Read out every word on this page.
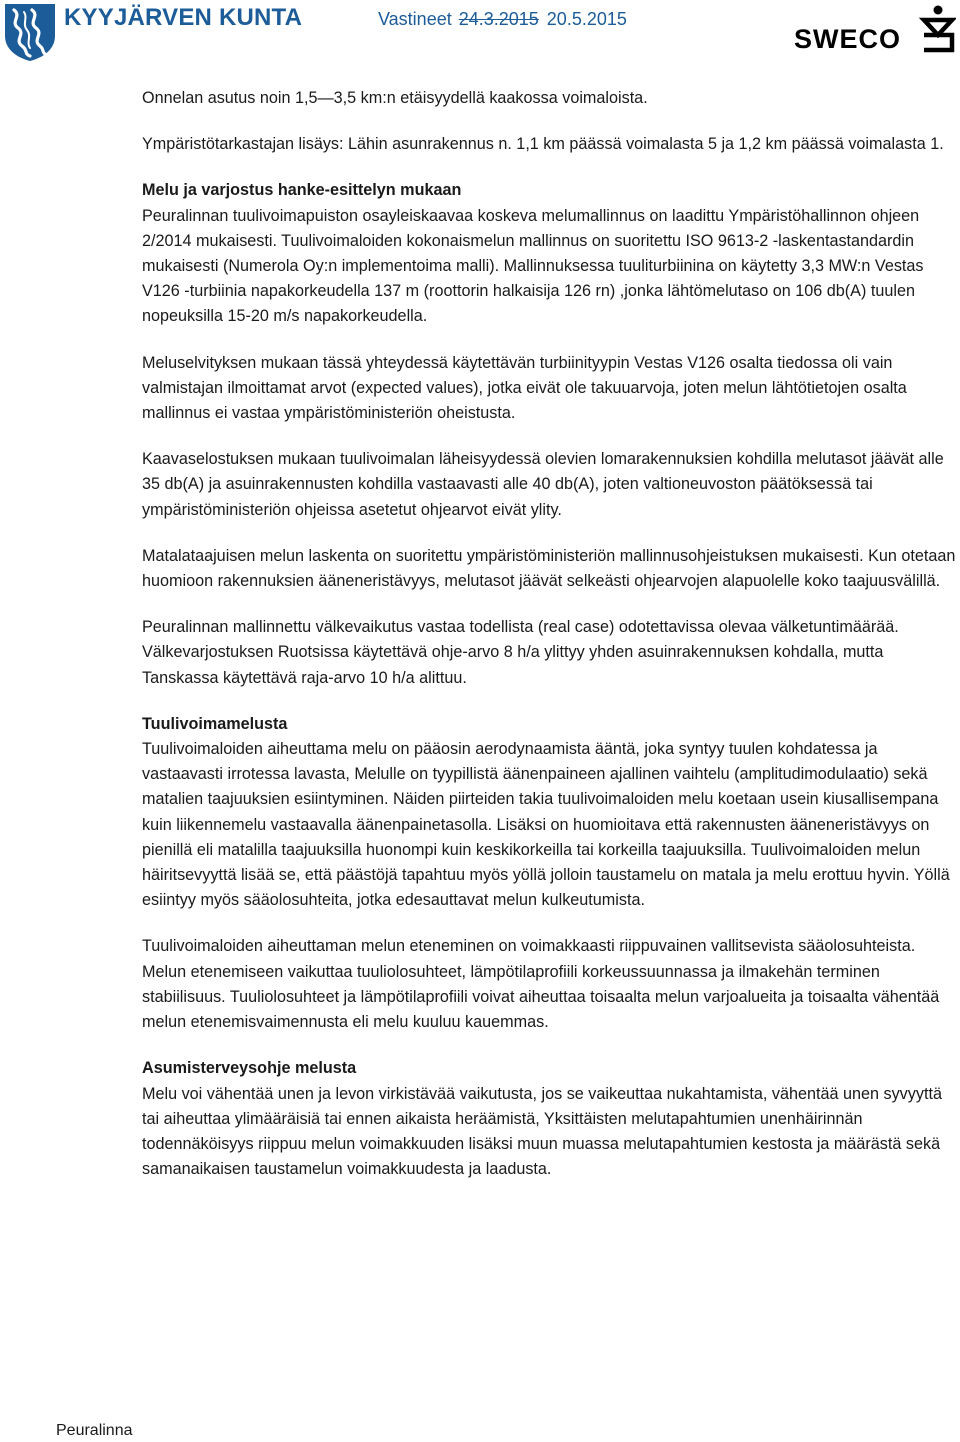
KYYJÄRVEN KUNTA	Vastineet 24.3.2015 20.5.2015
SWECO

Onnelan asutus noin 1,5—3,5 km:n etäisyydellä kaakossa voimaloista.

Ympäristötarkastajan lisäys: Lähin asunrakennus n. 1,1 km päässä voimalasta 5 ja 1,2 km päässä voimalasta 1.

Melu ja varjostus hanke-esittelyn mukaan
Peuralinnan tuulivoimapuiston osayleiskaavaa koskeva melumallinnus on laadittu Ympäristöhallinnon ohjeen 2/2014 mukaisesti. Tuulivoimaloiden kokonaismelun mallinnus on suoritettu ISO 9613-2 -laskentastandardin mukaisesti (Numerola Oy:n implementoima malli). Mallinnuksessa tuuliturbiinina on käytetty 3,3 MW:n Vestas V126 -turbiinia napakorkeudella 137 m (roottorin halkaisija 126 rn) ,jonka lähtömelutaso on 106 db(A) tuulen nopeuksilla 15-20 m/s napakorkeudella.

Meluselvityksen mukaan tässä yhteydessä käytettävän turbiinityypin Vestas V126 osalta tiedossa oli vain valmistajan ilmoittamat arvot (expected values), jotka eivät ole takuuarvoja, joten melun lähtötietojen osalta mallinnus ei vastaa ympäristöministeriön oheistusta.

Kaavaselostuksen mukaan tuulivoimalan läheisyydessä olevien lomarakennuksien kohdilla melutasot jäävät alle 35 db(A) ja asuinrakennusten kohdilla vastaavasti alle 40 db(A), joten valtioneuvoston päätöksessä tai ympäristöministeriön ohjeissa asetetut ohjearvot eivät ylity.

Matalataajuisen melun laskenta on suoritettu ympäristöministeriön mallinnusohjeistuksen mukaisesti. Kun otetaan huomioon rakennuksien ääneneristävyys, melutasot jäävät selkeästi ohjearvojen alapuolelle koko taajuusvälillä.

Peuralinnan mallinnettu välkevaikutus vastaa todellista (real case) odotettavissa olevaa välketuntimäärää. Välkevarjostuksen Ruotsissa käytettävä ohje-arvo 8 h/a ylittyy yhden asuinrakennuksen kohdalla, mutta Tanskassa käytettävä raja-arvo 10 h/a alittuu.

Tuulivoimamelusta
Tuulivoimaloiden aiheuttama melu on pääosin aerodynaamista ääntä, joka syntyy tuulen kohdatessa ja vastaavasti irrotessa lavasta, Melulle on tyypillistä äänenpaineen ajallinen vaihtelu (amplitudimodulaatio) sekä matalien taajuuksien esiintyminen. Näiden piirteiden takia tuulivoimaloiden melu koetaan usein kiusallisempana kuin liikennemelu vastaavalla äänenpainetasolla. Lisäksi on huomioitava että rakennusten ääneneristävyys on pienillä eli matalilla taajuuksilla huonompi kuin keskikorkeilla tai korkeilla taajuuksilla. Tuulivoimaloiden melun häiritsevyyttä lisää se, että päästöjä tapahtuu myös yöllä jolloin taustamelu on matala ja melu erottuu hyvin. Yöllä esiintyy myös sääolosuhteita, jotka edesauttavat melun kulkeutumista.

Tuulivoimaloiden aiheuttaman melun eteneminen on voimakkaasti riippuvainen vallitsevista sääolosuhteista. Melun etenemiseen vaikuttaa tuuliolosuhteet, lämpötilaprofiili korkeussuunnassa ja ilmakehän terminen stabiilisuus. Tuuliolosuhteet ja lämpötilaprofiili voivat aiheuttaa toisaalta melun varjoalueita ja toisaalta vähentää melun etenemisvaimennusta eli melu kuuluu kauemmas.

Asumisterveysohje melusta
Melu voi vähentää unen ja levon virkistävää vaikutusta, jos se vaikeuttaa nukahtamista, vähentää unen syvyyttä tai aiheuttaa ylimääräisiä tai ennen aikaista heräämistä, Yksittäisten melutapahtumien unenhäirinnän todennäköisyys riippuu melun voimakkuuden lisäksi muun muassa melutapahtumien kestosta ja määrästä sekä samanaikaisen taustamelun voimakkuudesta ja laadusta.

Peuralinna
